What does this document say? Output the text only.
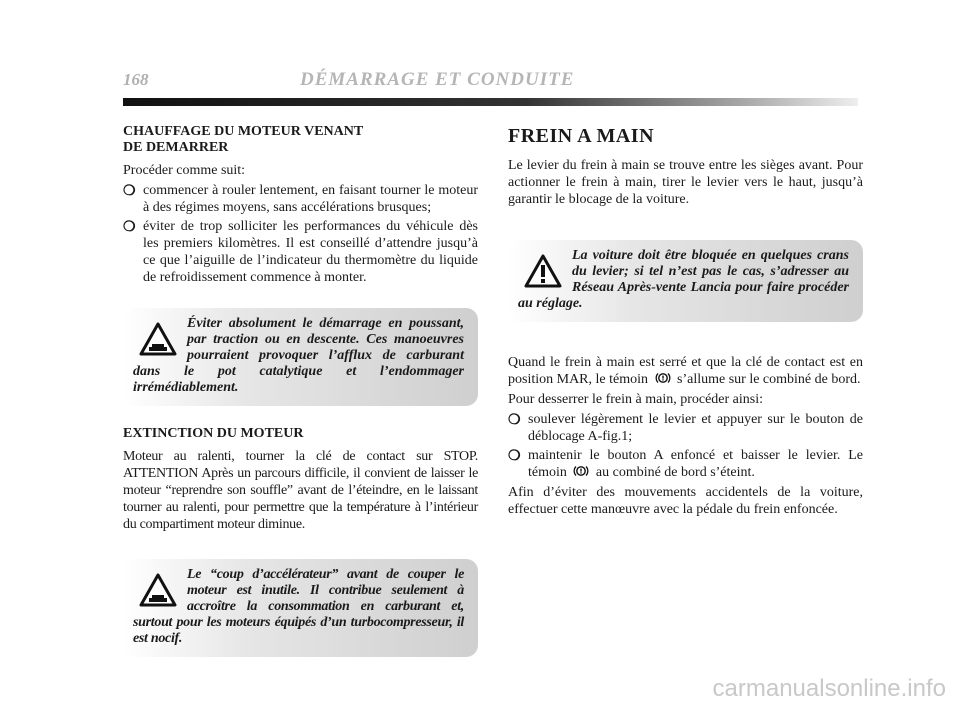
168	DÉMARRAGE ET CONDUITE
CHAUFFAGE DU MOTEUR VENANT
DE DEMARRER

Procéder comme suit:

❍ commencer à rouler lentement, en faisant tourner le moteur à des régimes moyens, sans accélérations brusques;
❍ éviter de trop solliciter les performances du véhicule dès les premiers kilomètres. Il est conseillé d’attendre jusqu’à ce que l’aiguille de l’indicateur du thermomètre du liquide de refroidissement commence à monter.

Éviter absolument le démarrage en poussant, par traction ou en descente. Ces manoeuvres pourraient provoquer l’afflux de carburant dans le pot catalytique et l’endommager irrémédiablement.

EXTINCTION DU MOTEUR

Moteur au ralenti, tourner la clé de contact sur STOP. ATTENTION Après un parcours difficile, il convient de laisser le moteur “reprendre son souffle” avant de l’éteindre, en le laissant tourner au ralenti, pour permettre que la température à l’intérieur du compartiment moteur diminue.

Le “coup d’accélérateur” avant de couper le moteur est inutile. Il contribue seulement à accroître la consommation en carburant et, surtout pour les moteurs équipés d’un turbocompresseur, il est nocif.

FREIN A MAIN

Le levier du frein à main se trouve entre les sièges avant. Pour actionner le frein à main, tirer le levier vers le haut, jusqu’à garantir le blocage de la voiture.

La voiture doit être bloquée en quelques crans du levier; si tel n’est pas le cas, s’adresser au Réseau Après-vente Lancia pour faire procéder au réglage.

Quand le frein à main est serré et que la clé de contact est en position MAR, le témoin s’allume sur le combiné de bord.

Pour desserrer le frein à main, procéder ainsi:

❍ soulever légèrement le levier et appuyer sur le bouton de déblocage A-fig.1;
❍ maintenir le bouton A enfoncé et baisser le levier. Le témoin au combiné de bord s’éteint.

Afin d’éviter des mouvements accidentels de la voiture, effectuer cette manœuvre avec la pédale du frein enfoncée.

carmanualsonline.info
